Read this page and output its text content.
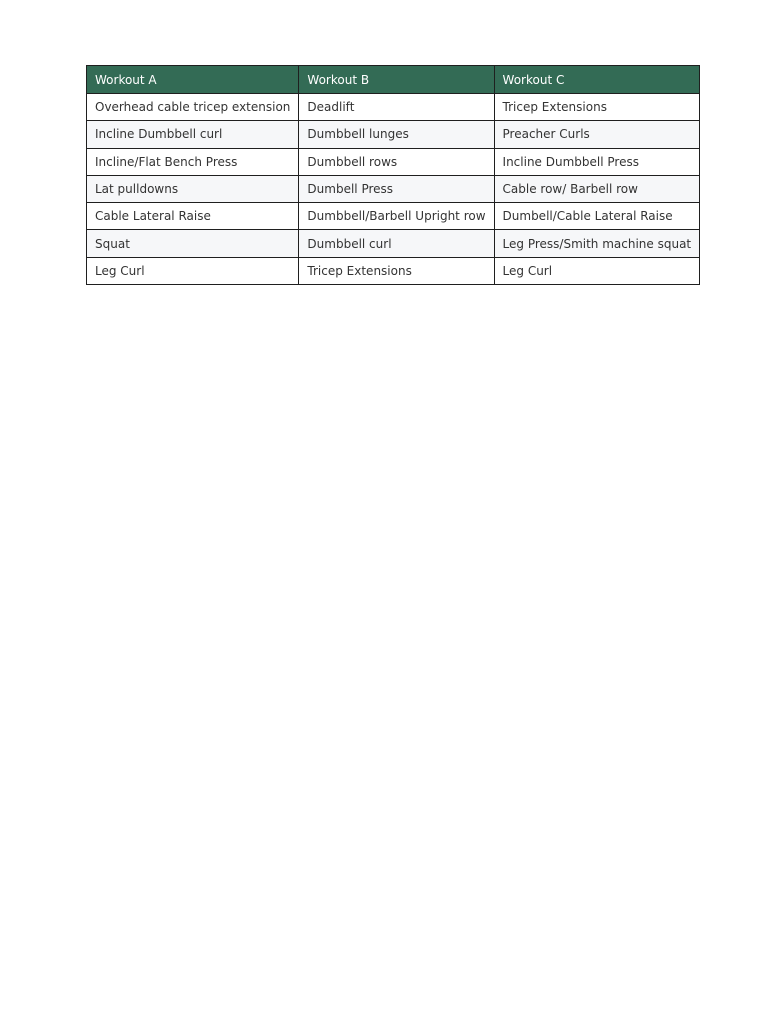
Workout A	Workout B	Workout C
Overhead cable tricep extension	Deadlift	Tricep Extensions
Incline Dumbbell curl	Dumbbell lunges	Preacher Curls
Incline/Flat Bench Press	Dumbbell rows	Incline Dumbbell Press
Lat pulldowns	Dumbell Press	Cable row/ Barbell row
Cable Lateral Raise	Dumbbell/Barbell Upright row	Dumbell/Cable Lateral Raise
Squat	Dumbbell curl	Leg Press/Smith machine squat
Leg Curl	Tricep Extensions	Leg Curl
